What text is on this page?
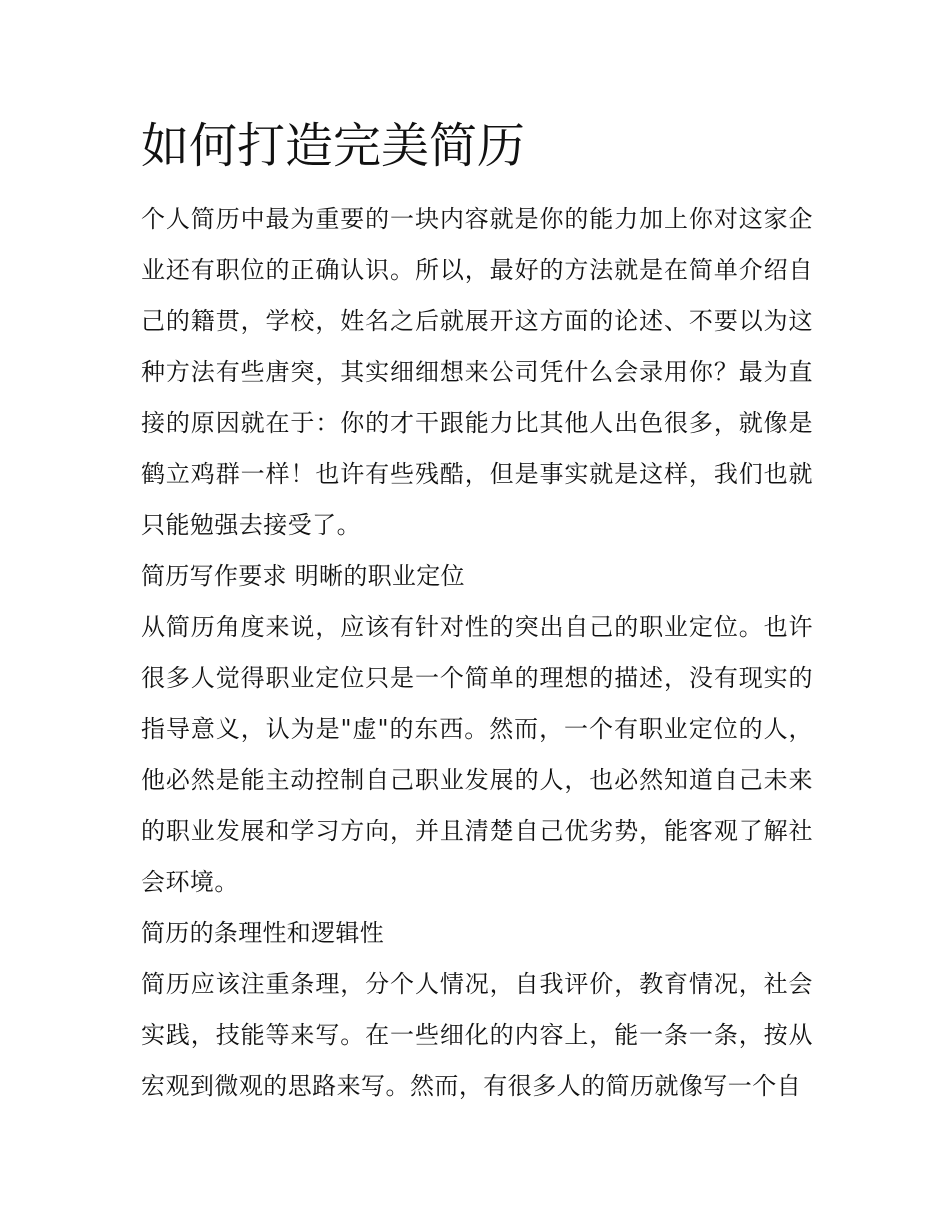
如何打造完美简历

个人简历中最为重要的一块内容就是你的能力加上你对这家企业还有职位的正确认识。所以，最好的方法就是在简单介绍自己的籍贯，学校，姓名之后就展开这方面的论述、不要以为这种方法有些唐突，其实细细想来公司凭什么会录用你？最为直接的原因就在于：你的才干跟能力比其他人出色很多，就像是鹤立鸡群一样！也许有些残酷，但是事实就是这样，我们也就只能勉强去接受了。

简历写作要求 明晰的职业定位

从简历角度来说，应该有针对性的突出自己的职业定位。也许很多人觉得职业定位只是一个简单的理想的描述，没有现实的指导意义，认为是"虚"的东西。然而，一个有职业定位的人，他必然是能主动控制自己职业发展的人，也必然知道自己未来的职业发展和学习方向，并且清楚自己优劣势，能客观了解社会环境。

简历的条理性和逻辑性

简历应该注重条理，分个人情况，自我评价，教育情况，社会实践，技能等来写。在一些细化的内容上，能一条一条，按从宏观到微观的思路来写。然而，有很多人的简历就像写一个自
